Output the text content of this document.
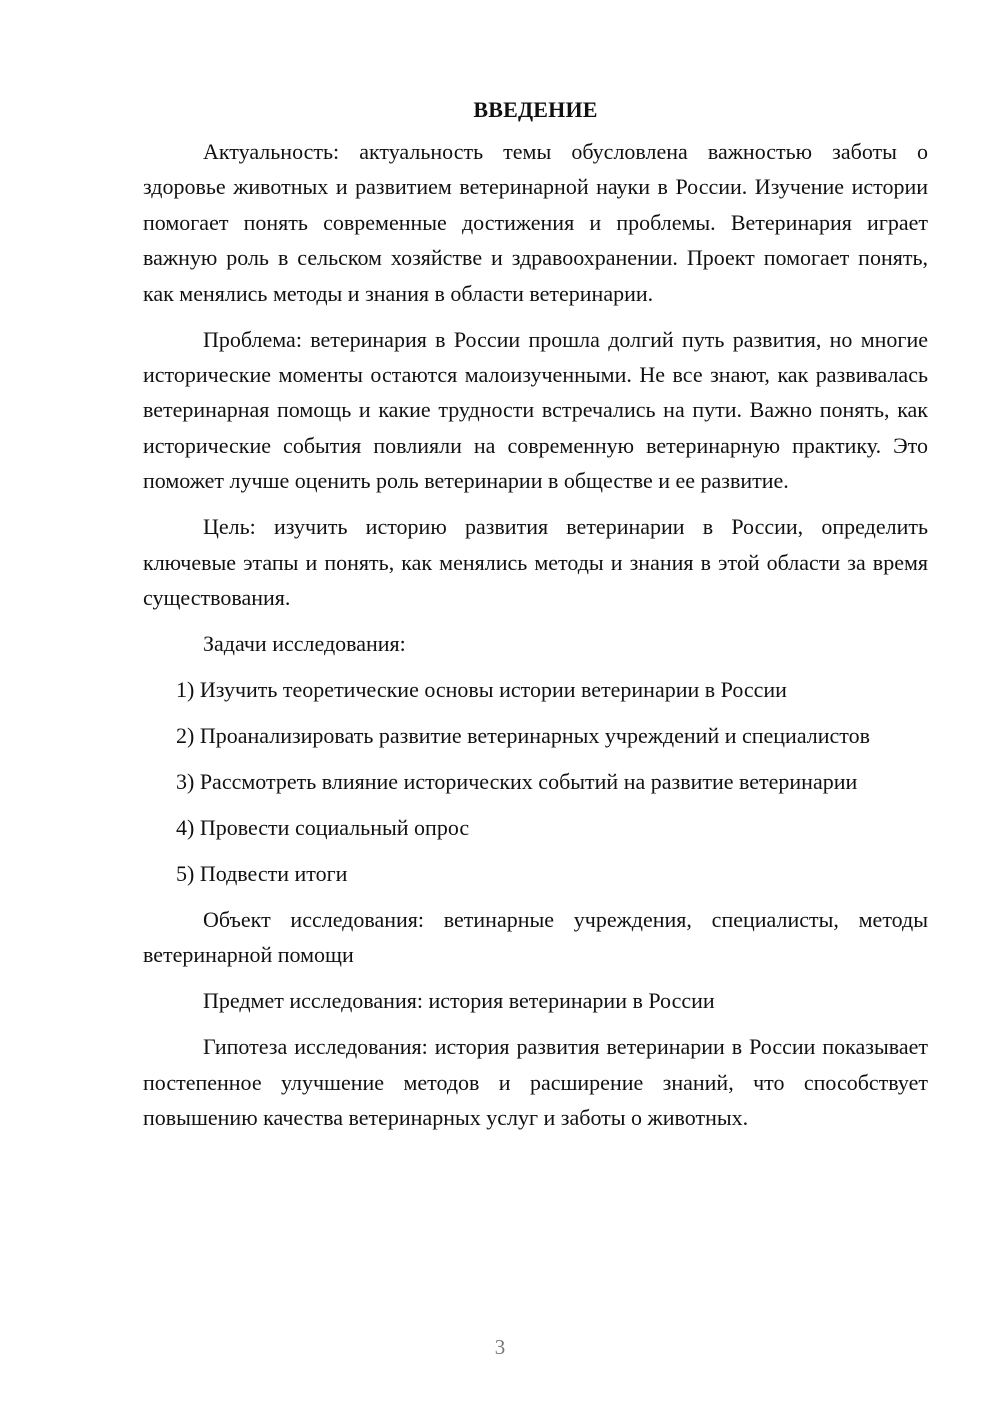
ВВЕДЕНИЕ

Актуальность: актуальность темы обусловлена важностью заботы о здоровье животных и развитием ветеринарной науки в России. Изучение истории помогает понять современные достижения и проблемы. Ветеринария играет важную роль в сельском хозяйстве и здравоохранении. Проект помогает понять, как менялись методы и знания в области ветеринарии.

Проблема: ветеринария в России прошла долгий путь развития, но многие исторические моменты остаются малоизученными. Не все знают, как развивалась ветеринарная помощь и какие трудности встречались на пути. Важно понять, как исторические события повлияли на современную ветеринарную практику. Это поможет лучше оценить роль ветеринарии в обществе и ее развитие.

Цель: изучить историю развития ветеринарии в России, определить ключевые этапы и понять, как менялись методы и знания в этой области за время существования.

Задачи исследования:

1) Изучить теоретические основы истории ветеринарии в России

2) Проанализировать развитие ветеринарных учреждений и специалистов

3) Рассмотреть влияние исторических событий на развитие ветеринарии

4) Провести социальный опрос

5) Подвести итоги

Объект исследования: ветинарные учреждения, специалисты, методы ветеринарной помощи

Предмет исследования: история ветеринарии в России

Гипотеза исследования: история развития ветеринарии в России показывает постепенное улучшение методов и расширение знаний, что способствует повышению качества ветеринарных услуг и заботы о животных.

3
